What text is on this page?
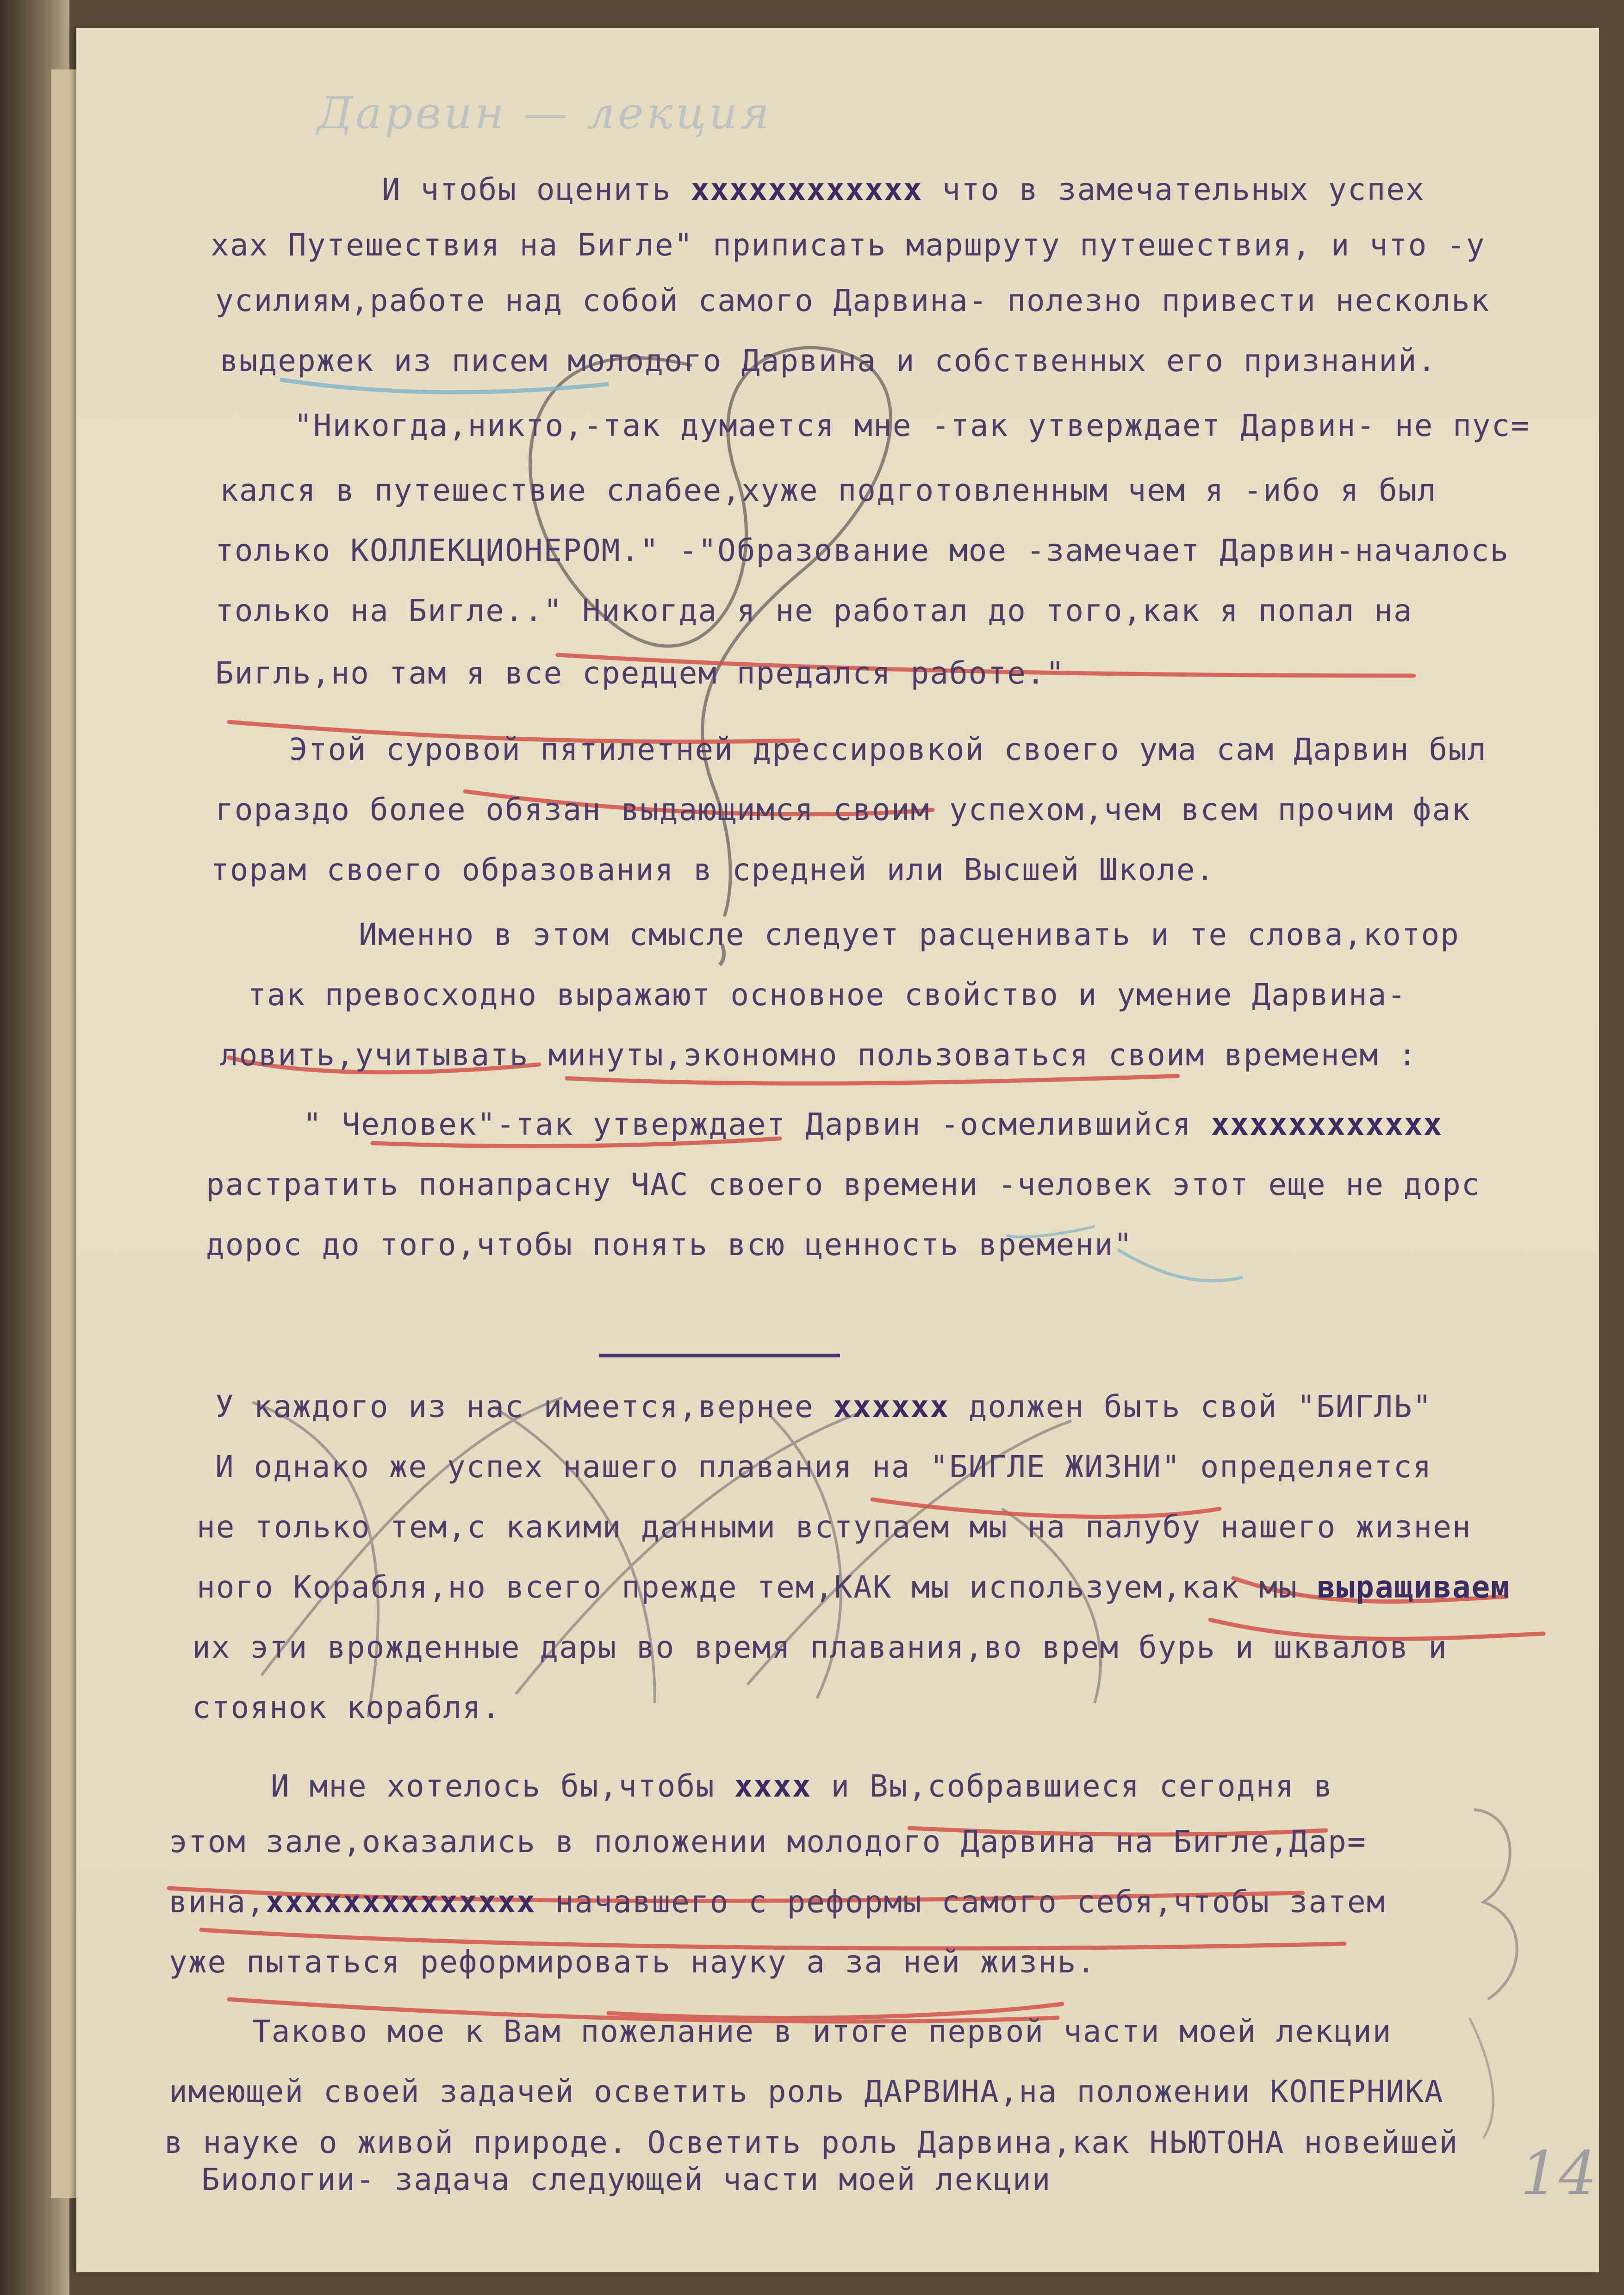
Дарвин — лекция
И чтобы оценить xxxxxxxxxxxx что в замечательных успех
хах Путешествия на Бигле" приписать маршруту путешествия, и что -у
усилиям,работе над собой самого Дарвина- полезно привести нескольк
выдержек из писем молодого Дарвина и собственных его признаний.
"Никогда,никто,-так думается мне -так утверждает Дарвин- не пус=
кался в путешествие слабее,хуже подготовленным чем я -ибо я был
только КОЛЛЕКЦИОНЕРОМ." -"Образование мое -замечает Дарвин-началось
только на Бигле.." Никогда я не работал до того,как я попал на
Бигль,но там я все средцем предался работе."
Этой суровой пятилетней дрессировкой своего ума сам Дарвин был
гораздо более обязан выдающимся своим успехом,чем всем прочим фак
торам своего образования в средней или Высшей Школе.
Именно в этом смысле следует расценивать и те слова,котор
так превосходно выражают основное свойство и умение Дарвина-
ловить,учитывать минуты,экономно пользоваться своим временем :
" Человек"-так утверждает Дарвин -осмелившийся xxxxxxxxxxxx
растратить понапрасну ЧАС своего времени -человек этот еще не дорс
дорос до того,чтобы понять всю ценность времени"
У каждого из нас имеется,вернее xxxxxx должен быть свой "БИГЛЬ"
И однако же успех нашего плавания на "БИГЛЕ ЖИЗНИ" определяется
не только тем,с какими данными вступаем мы на палубу нашего жизнен
ного Корабля,но всего прежде тем,КАК мы используем,как мы выращиваем
их эти врожденные дары во время плавания,во врем бурь и шквалов и
стоянок корабля.
И мне хотелось бы,чтобы xxxx и Вы,собравшиеся сегодня в
этом зале,оказались в положении молодого Дарвина на Бигле,Дар=
вина,xxxxxxxxxxxxxx начавшего с реформы самого себя,чтобы затем
уже пытаться реформировать науку а за ней жизнь.
Таково мое к Вам пожелание в итоге первой части моей лекции
имеющей своей задачей осветить роль ДАРВИНА,на положении КОПЕРНИКА
в науке о живой природе. Осветить роль Дарвина,как НЬЮТОНА новейшей
Биологии- задача следующей части моей лекции	14
